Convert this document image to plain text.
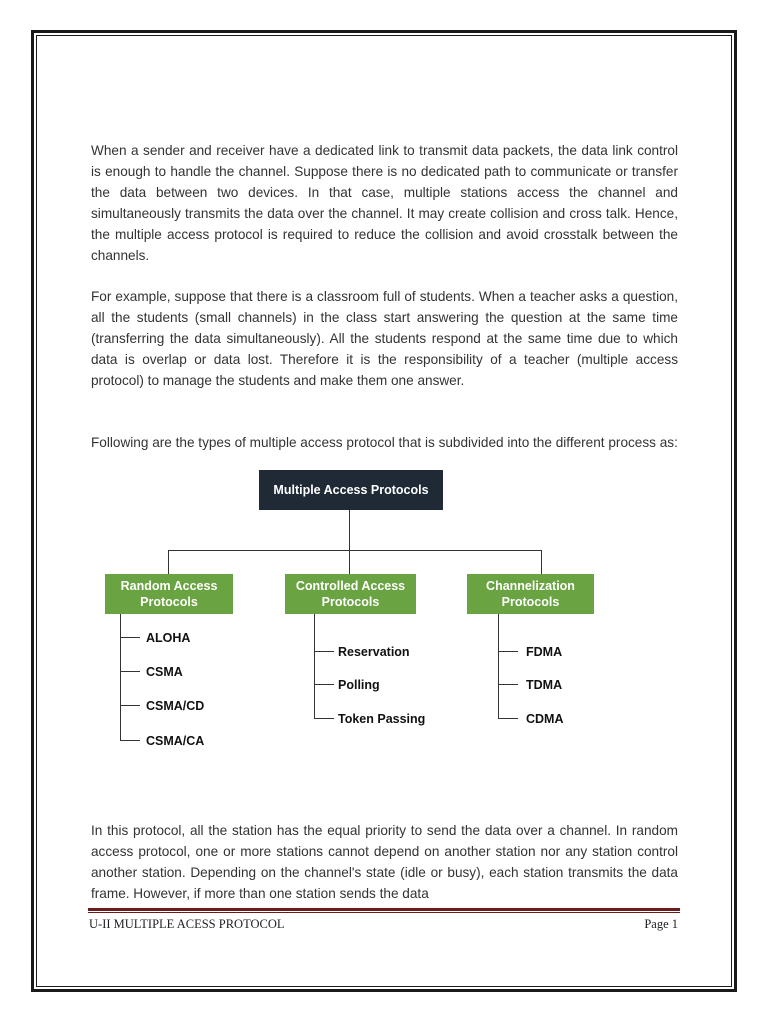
When a sender and receiver have a dedicated link to transmit data packets, the data link control is enough to handle the channel. Suppose there is no dedicated path to communicate or transfer the data between two devices. In that case, multiple stations access the channel and simultaneously transmits the data over the channel. It may create collision and cross talk. Hence, the multiple access protocol is required to reduce the collision and avoid crosstalk between the channels.

For example, suppose that there is a classroom full of students. When a teacher asks a question, all the students (small channels) in the class start answering the question at the same time (transferring the data simultaneously). All the students respond at the same time due to which data is overlap or data lost. Therefore it is the responsibility of a teacher (multiple access protocol) to manage the students and make them one answer.

Following are the types of multiple access protocol that is subdivided into the different process as:

Multiple Access Protocols
Random Access Protocols
Controlled Access Protocols
Channelization Protocols
ALOHA
CSMA
CSMA/CD
CSMA/CA
Reservation
Polling
Token Passing
FDMA
TDMA
CDMA

In this protocol, all the station has the equal priority to send the data over a channel. In random access protocol, one or more stations cannot depend on another station nor any station control another station. Depending on the channel's state (idle or busy), each station transmits the data frame. However, if more than one station sends the data

U-II MULTIPLE ACESS PROTOCOL	Page 1
